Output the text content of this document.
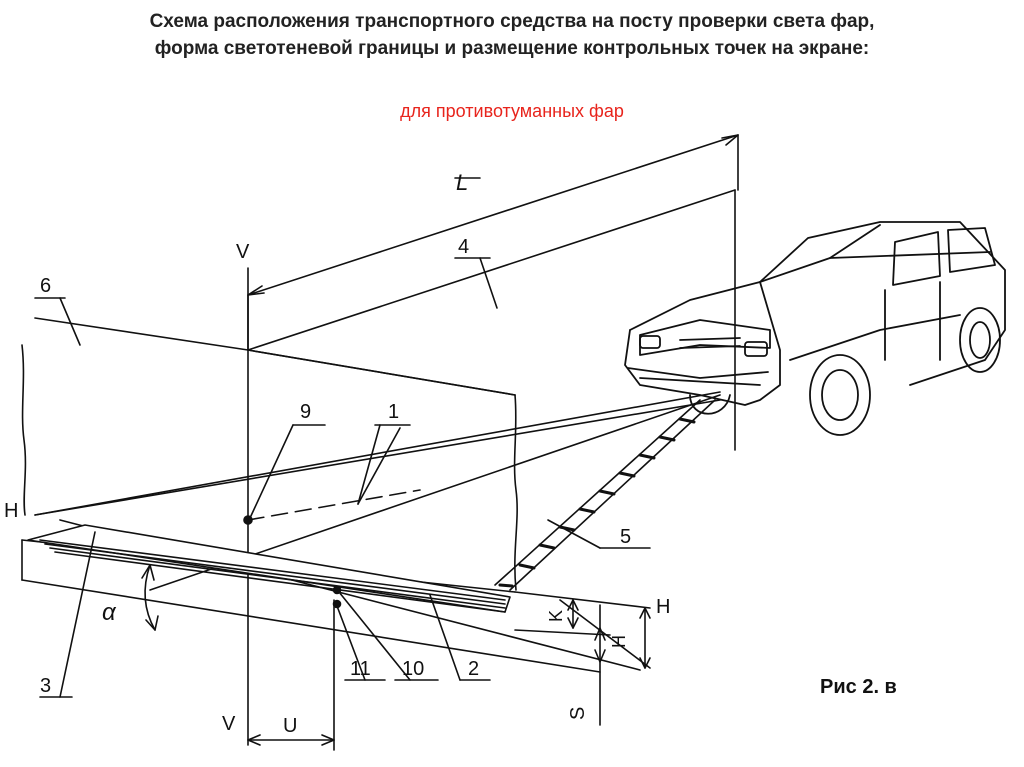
Схема расположения транспортного средства на посту проверки света фар,
форма светотеневой границы и размещение контрольных точек на экране:
для противотуманных фар
L
V
V
H
H
H
K
S
U
α
1
2
3
4
5
6
9
10
11
Рис 2. в
